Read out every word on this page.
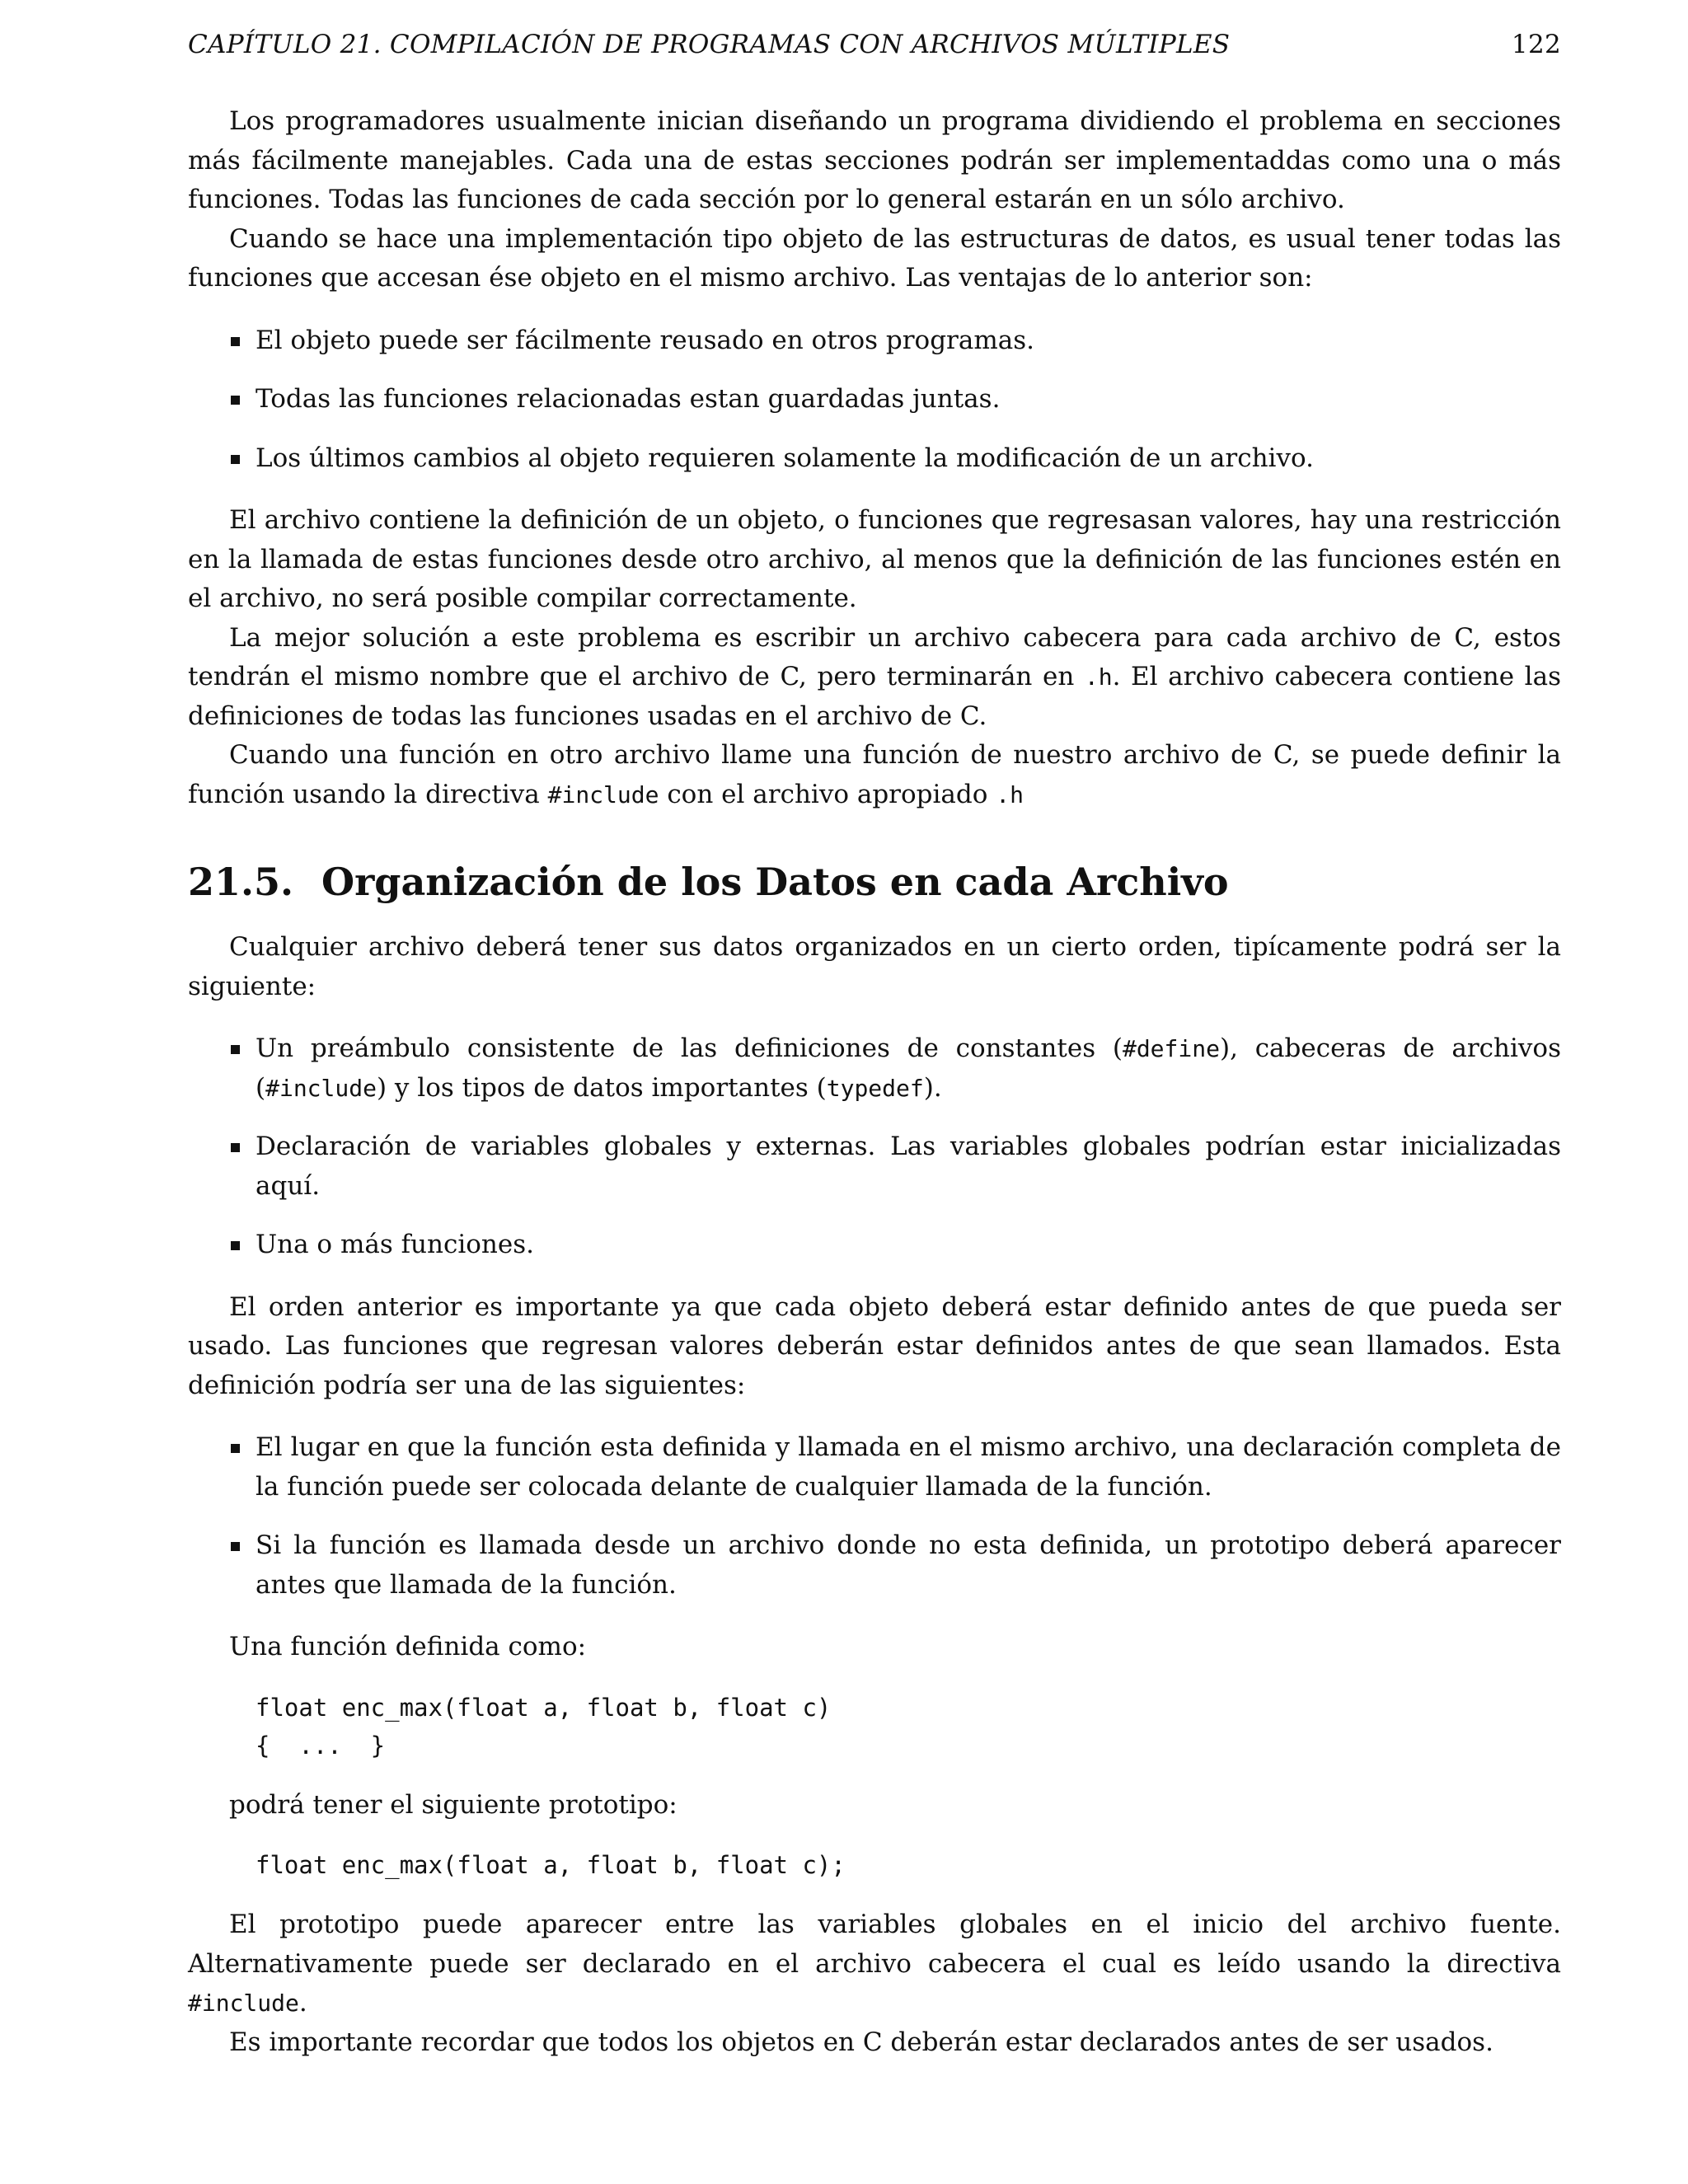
CAPÍTULO 21. COMPILACIÓN DE PROGRAMAS CON ARCHIVOS MÚLTIPLES	122

Los programadores usualmente inician diseñando un programa dividiendo el problema en secciones más fácilmente manejables. Cada una de estas secciones podrán ser implementaddas como una o más funciones. Todas las funciones de cada sección por lo general estarán en un sólo archivo.

Cuando se hace una implementación tipo objeto de las estructuras de datos, es usual tener todas las funciones que accesan ése objeto en el mismo archivo. Las ventajas de lo anterior son:

El objeto puede ser fácilmente reusado en otros programas.
Todas las funciones relacionadas estan guardadas juntas.
Los últimos cambios al objeto requieren solamente la modificación de un archivo.

El archivo contiene la definición de un objeto, o funciones que regresasan valores, hay una restricción en la llamada de estas funciones desde otro archivo, al menos que la definición de las funciones estén en el archivo, no será posible compilar correctamente.

La mejor solución a este problema es escribir un archivo cabecera para cada archivo de C, estos tendrán el mismo nombre que el archivo de C, pero terminarán en .h. El archivo cabecera contiene las definiciones de todas las funciones usadas en el archivo de C.

Cuando una función en otro archivo llame una función de nuestro archivo de C, se puede definir la función usando la directiva #include con el archivo apropiado .h

21.5. Organización de los Datos en cada Archivo

Cualquier archivo deberá tener sus datos organizados en un cierto orden, tipícamente podrá ser la siguiente:

Un preámbulo consistente de las definiciones de constantes (#define), cabeceras de archivos (#include) y los tipos de datos importantes (typedef).
Declaración de variables globales y externas. Las variables globales podrían estar inicializadas aquí.
Una o más funciones.

El orden anterior es importante ya que cada objeto deberá estar definido antes de que pueda ser usado. Las funciones que regresan valores deberán estar definidos antes de que sean llamados. Esta definición podría ser una de las siguientes:

El lugar en que la función esta definida y llamada en el mismo archivo, una declaración completa de la función puede ser colocada delante de cualquier llamada de la función.
Si la función es llamada desde un archivo donde no esta definida, un prototipo deberá aparecer antes que llamada de la función.

Una función definida como:

float enc_max(float a, float b, float c)
{  ...  }

podrá tener el siguiente prototipo:

float enc_max(float a, float b, float c);

El prototipo puede aparecer entre las variables globales en el inicio del archivo fuente. Alternativamente puede ser declarado en el archivo cabecera el cual es leído usando la directiva #include.

Es importante recordar que todos los objetos en C deberán estar declarados antes de ser usados.
